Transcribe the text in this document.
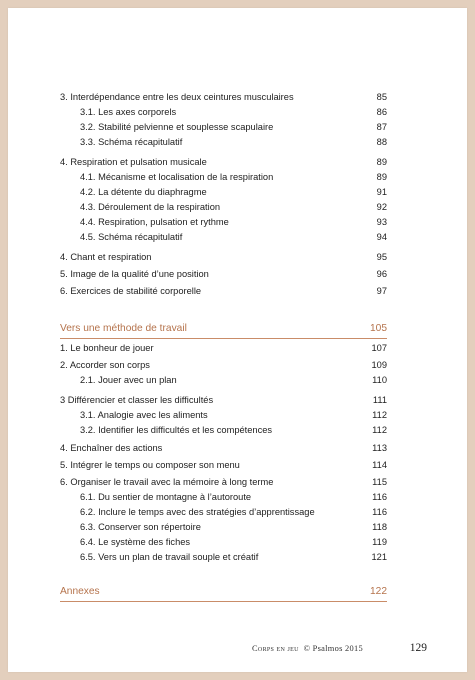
3. Interdépendance entre les deux ceintures musculaires	85
3.1. Les axes corporels	86
3.2. Stabilité pelvienne et souplesse scapulaire	87
3.3. Schéma récapitulatif	88
4. Respiration et pulsation musicale	89
4.1. Mécanisme et localisation de la respiration	89
4.2. La détente du diaphragme	91
4.3. Déroulement de la respiration	92
4.4. Respiration, pulsation et rythme	93
4.5. Schéma récapitulatif	94
4. Chant et respiration	95
5. Image de la qualité d’une position	96
6. Exercices de stabilité corporelle	97
Vers une méthode de travail	105
1. Le bonheur de jouer	107
2. Accorder son corps	109
2.1. Jouer avec un plan	110
3 Différencier et classer les difficultés	111
3.1. Analogie avec les aliments	112
3.2. Identifier les difficultés et les compétences	112
4. Enchaîner des actions	113
5. Intégrer le temps ou composer son menu	114
6. Organiser le travail avec la mémoire à long terme	115
6.1. Du sentier de montagne à l’autoroute	116
6.2. Inclure le temps avec des stratégies d’apprentissage	116
6.3. Conserver son répertoire	118
6.4. Le système des fiches	119
6.5. Vers un plan de travail souple et créatif	121
Annexes	122
Corps en jeu © Psalmos 2015	129
